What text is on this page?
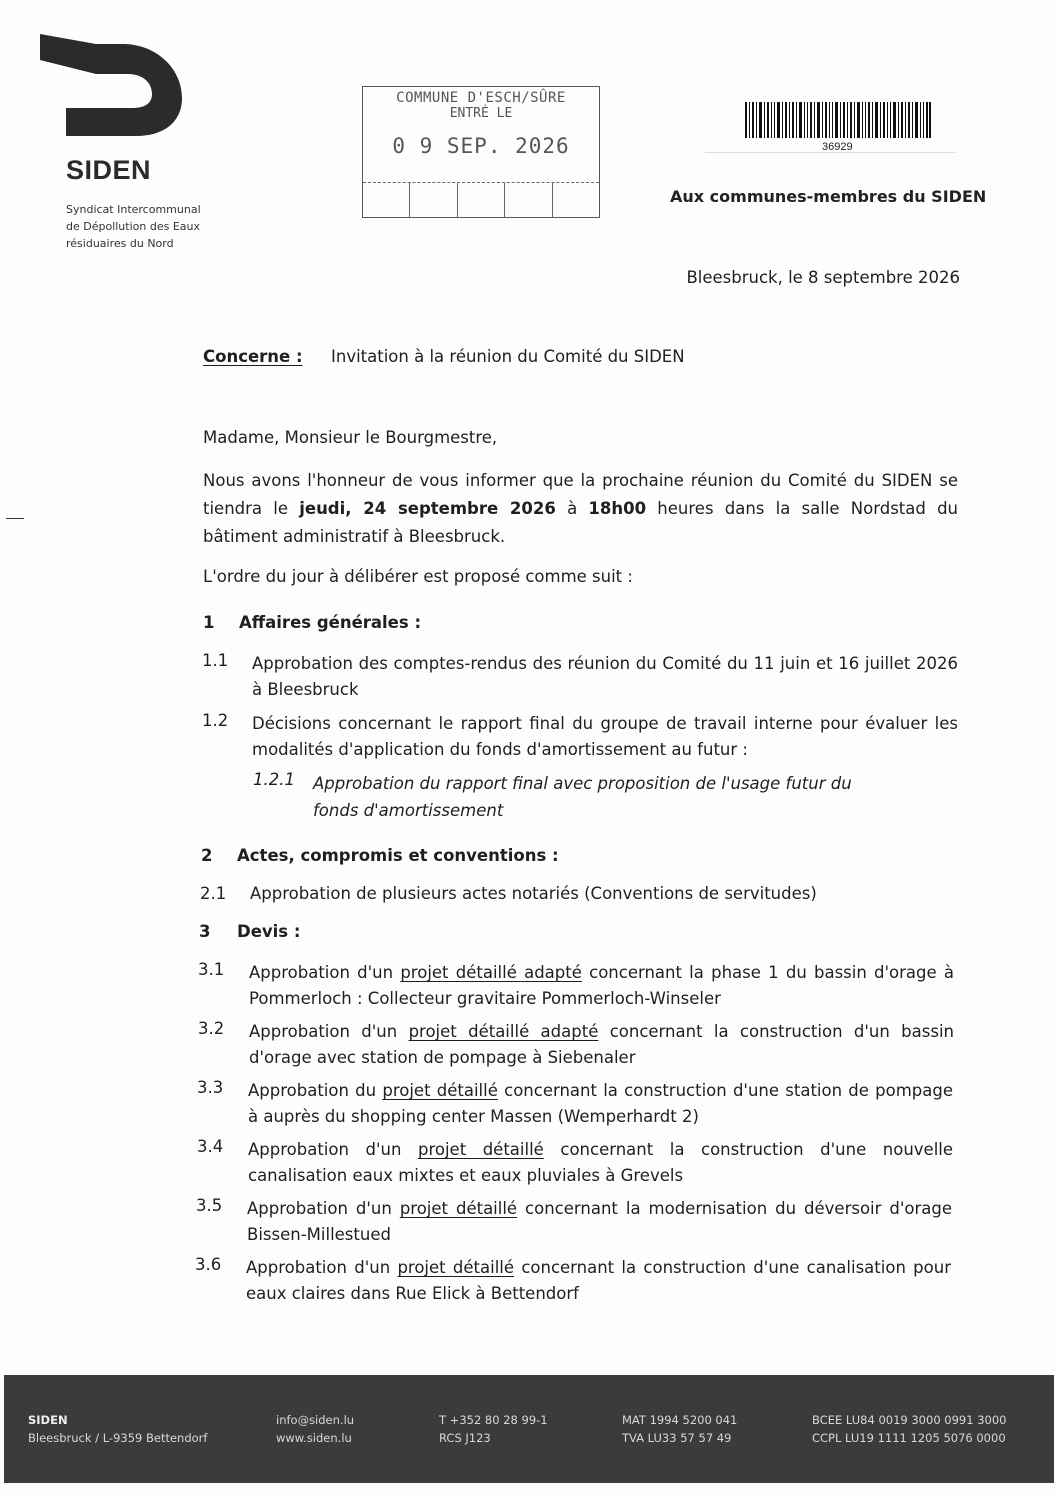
SIDEN
Syndicat Intercommunal
de Dépollution des Eaux
résiduaires du Nord
COMMUNE D'ESCH/SÛRE
ENTRÉ LE
0 9 SEP. 2026	36929
Aux communes-membres du SIDEN
Bleesbruck, le 8 septembre 2026
Concerne : Invitation à la réunion du Comité du SIDEN
Madame, Monsieur le Bourgmestre,
Nous avons l'honneur de vous informer que la prochaine réunion du Comité du SIDEN se tiendra le jeudi, 24 septembre 2026 à 18h00 heures dans la salle Nordstad du bâtiment administratif à Bleesbruck.
L'ordre du jour à délibérer est proposé comme suit :
1 Affaires générales :
1.1 Approbation des comptes-rendus des réunion du Comité du 11 juin et 16 juillet 2026 à Bleesbruck
1.2 Décisions concernant le rapport final du groupe de travail interne pour évaluer les modalités d'application du fonds d'amortissement au futur :
1.2.1 Approbation du rapport final avec proposition de l'usage futur du fonds d'amortissement
2 Actes, compromis et conventions :
2.1 Approbation de plusieurs actes notariés (Conventions de servitudes)
3 Devis :
3.1 Approbation d'un projet détaillé adapté concernant la phase 1 du bassin d'orage à Pommerloch : Collecteur gravitaire Pommerloch-Winseler
3.2 Approbation d'un projet détaillé adapté concernant la construction d'un bassin d'orage avec station de pompage à Siebenaler
3.3 Approbation du projet détaillé concernant la construction d'une station de pompage à auprès du shopping center Massen (Wemperhardt 2)
3.4 Approbation d'un projet détaillé concernant la construction d'une nouvelle canalisation eaux mixtes et eaux pluviales à Grevels
3.5 Approbation d'un projet détaillé concernant la modernisation du déversoir d'orage Bissen-Millestued
3.6 Approbation d'un projet détaillé concernant la construction d'une canalisation pour eaux claires dans Rue Elick à Bettendorf
SIDEN
Bleesbruck / L-9359 Bettendorf
info@siden.lu
www.siden.lu
T +352 80 28 99-1
RCS J123
MAT 1994 5200 041
TVA LU33 57 57 49
BCEE LU84 0019 3000 0991 3000
CCPL LU19 1111 1205 5076 0000
